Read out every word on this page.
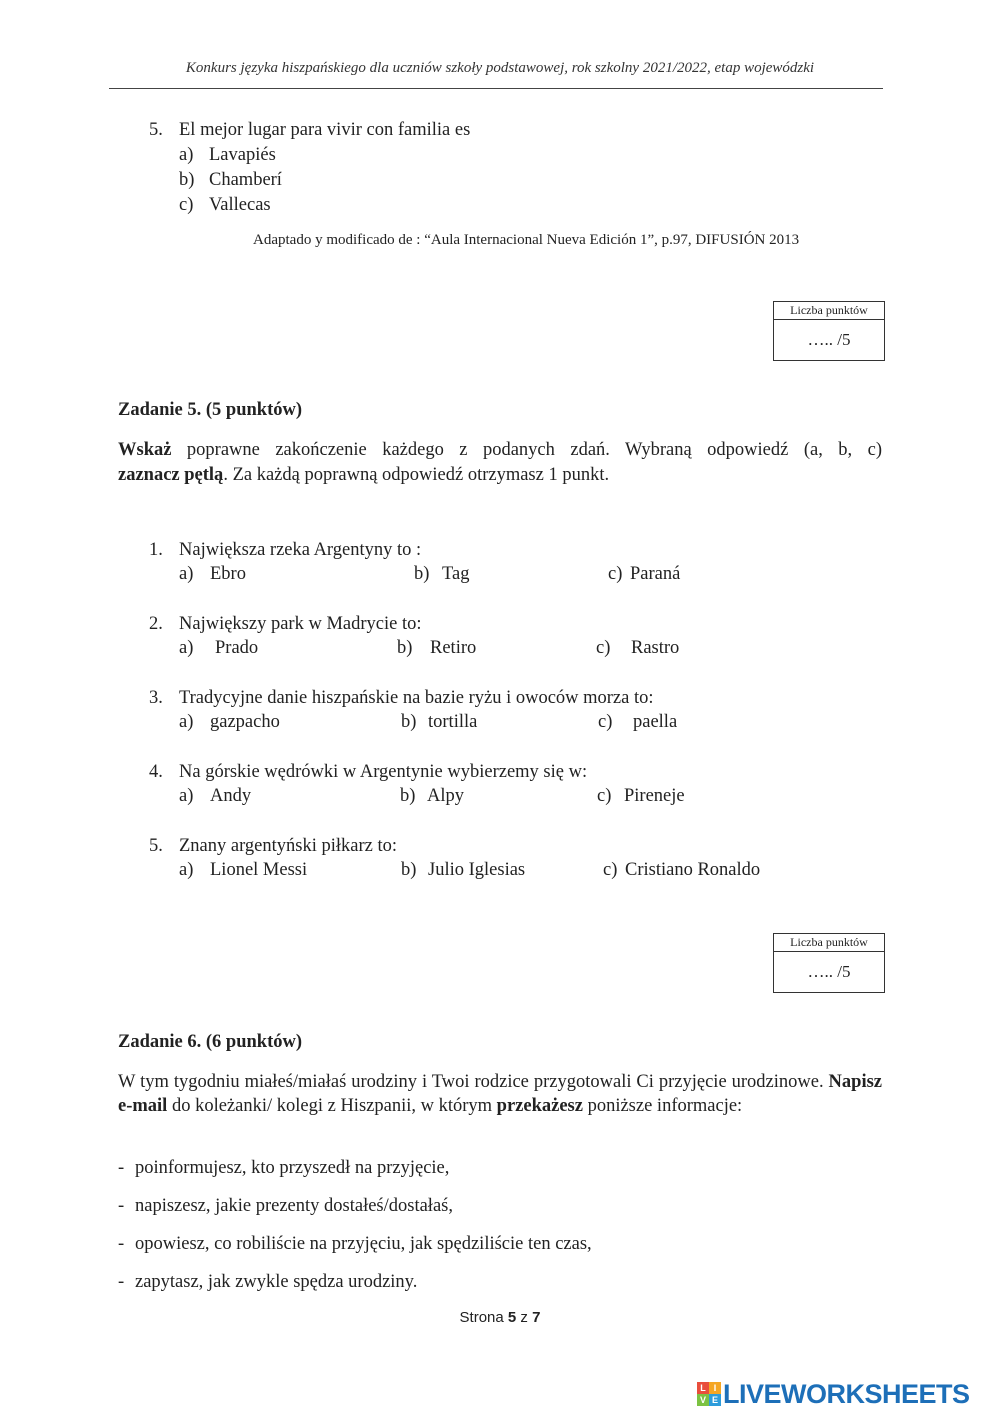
Konkurs języka hiszpańskiego dla uczniów szkoły podstawowej, rok szkolny 2021/2022, etap wojewódzki
5. El mejor lugar para vivir con familia es
a) Lavapiés
b) Chamberí
c) Vallecas
Adaptado y modificado de : “Aula Internacional Nueva Edición 1”, p.97, DIFUSIÓN 2013
Liczba punktów
….. /5
Zadanie 5. (5 punktów)
Wskaż poprawne zakończenie każdego z podanych zdań. Wybraną odpowiedź (a, b, c)
zaznacz pętlą. Za każdą poprawną odpowiedź otrzymasz 1 punkt.
1. Największa rzeka Argentyny to :
a) Ebro	b) Tag	c) Paraná
2. Największy park w Madrycie to:
a) Prado	b) Retiro	c) Rastro
3. Tradycyjne danie hiszpańskie na bazie ryżu i owoców morza to:
a) gazpacho	b) tortilla	c) paella
4. Na górskie wędrówki w Argentynie wybierzemy się w:
a) Andy	b) Alpy	c) Pireneje
5. Znany argentyński piłkarz to:
a) Lionel Messi	b) Julio Iglesias	c) Cristiano Ronaldo
Liczba punktów
….. /5
Zadanie 6. (6 punktów)
W tym tygodniu miałeś/miałaś urodziny i Twoi rodzice przygotowali Ci przyjęcie urodzinowe. Napisz e-mail do koleżanki/ kolegi z Hiszpanii, w którym przekażesz poniższe informacje:
- poinformujesz, kto przyszedł na przyjęcie,
- napiszesz, jakie prezenty dostałeś/dostałaś,
- opowiesz, co robiliście na przyjęciu, jak spędziliście ten czas,
- zapytasz, jak zwykle spędza urodziny.
Strona 5 z 7
L I
V E LIVEWORKSHEETS
